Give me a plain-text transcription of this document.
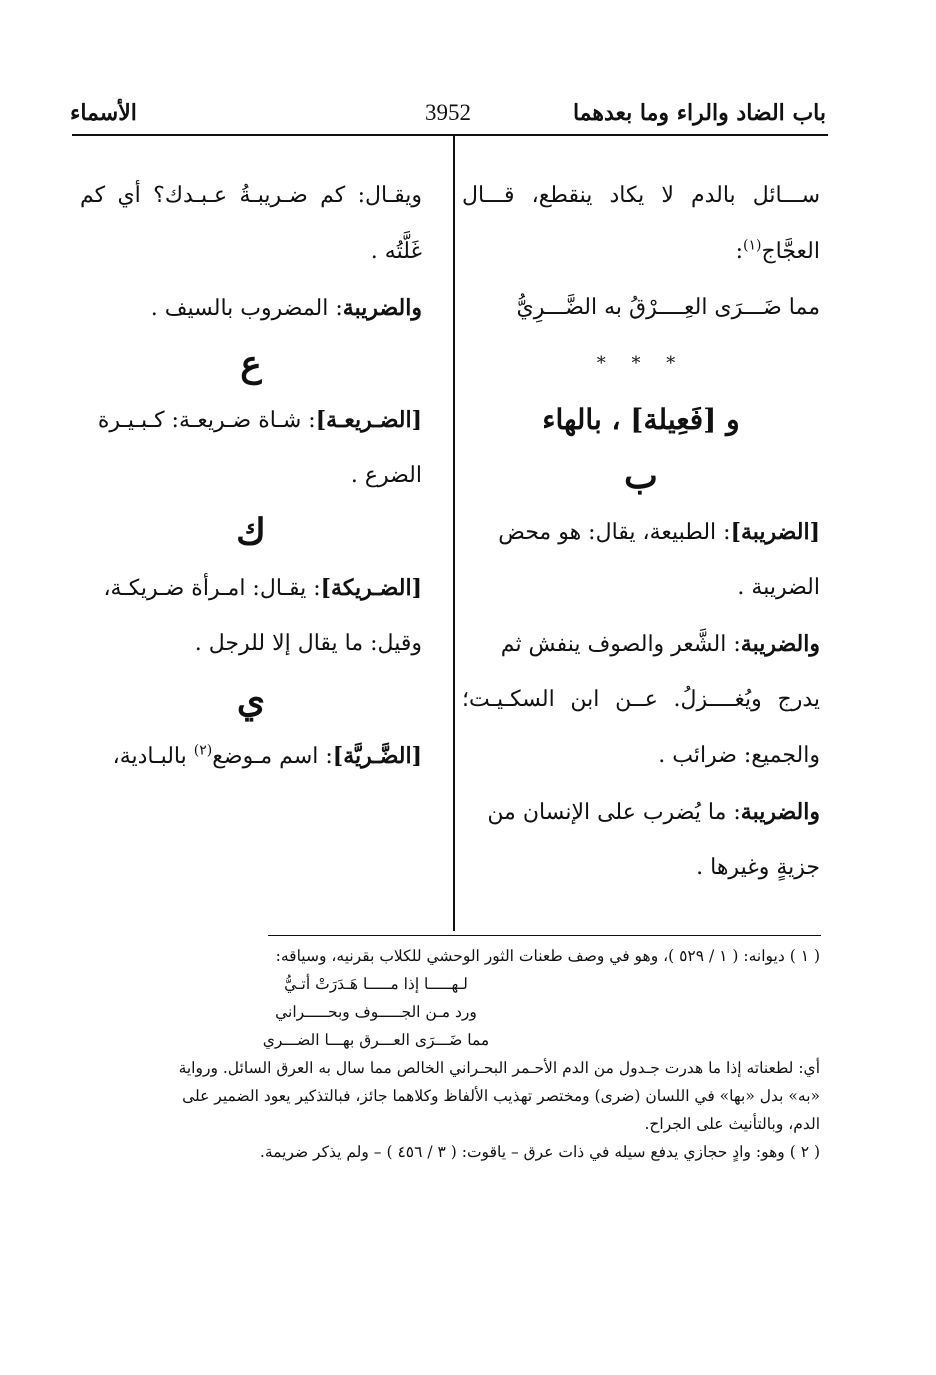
باب الضاد والراء وما بعدهما
3952
الأسماء
ســـائل بالدم لا يكاد ينقطع، قـــال
العجَّاج$^{(١)}$:
مما ضَـــرَى العِــــرْقُ به الضَّـــرِيُّ
* * *
و [فَعِيلة] ، بالهاء
ب
[الضريبة]: الطبيعة، يقال: هو محض
الضريبة .
والضريبة: الشَّعر والصوف ينفش ثم
يدرج ويُغــــزلُ. عــن ابن السكـيـت؛
والجميع: ضرائب .
والضريبة: ما يُضرب على الإنسان من
جزيةٍ وغيرها .
ويقـال: كم ضـريبـةُ عـبـدك؟ أي كم
غَلَّتُه .
والضريبة: المضروب بالسيف .
ع
[الضـريعـة]: شـاة ضـريعـة: كـبـيـرة
الضرع .
ك
[الضـريكة]: يقـال: امـرأة ضـريكـة،
وقيل: ما يقال إلا للرجل .
ي
[الضَّـريَّة]: اسم مـوضع$^{(٢)}$ بالبـادية،
( ١ ) ديوانه: ( ١ / ٥٢٩ )، وهو في وصف طعنات الثور الوحشي للكلاب بقرنيه، وسياقه:
لـهـــــا إذا مـــــا هَـدَرَتْ أتـيُّ
ورد مـن الجـــــوف وبحـــــراني
مما ضَـــرَى العـــرق بهـــا الضـــري
أي: لطعناته إذا ما هدرت جـدول من الدم الأحـمر البحـراني الخالص مما سال به العرق السائل. ورواية
«به» بدل «بها» في اللسان (ضرى) ومختصر تهذيب الألفاظ وكلاهما جائز، فبالتذكير يعود الضمير على
الدم، وبالتأنيث على الجراح.
( ٢ ) وهو: وادٍ حجازي يدفع سيله في ذات عرق – ياقوت: ( ٣ / ٤٥٦ ) – ولم يذكر ضريمة.
